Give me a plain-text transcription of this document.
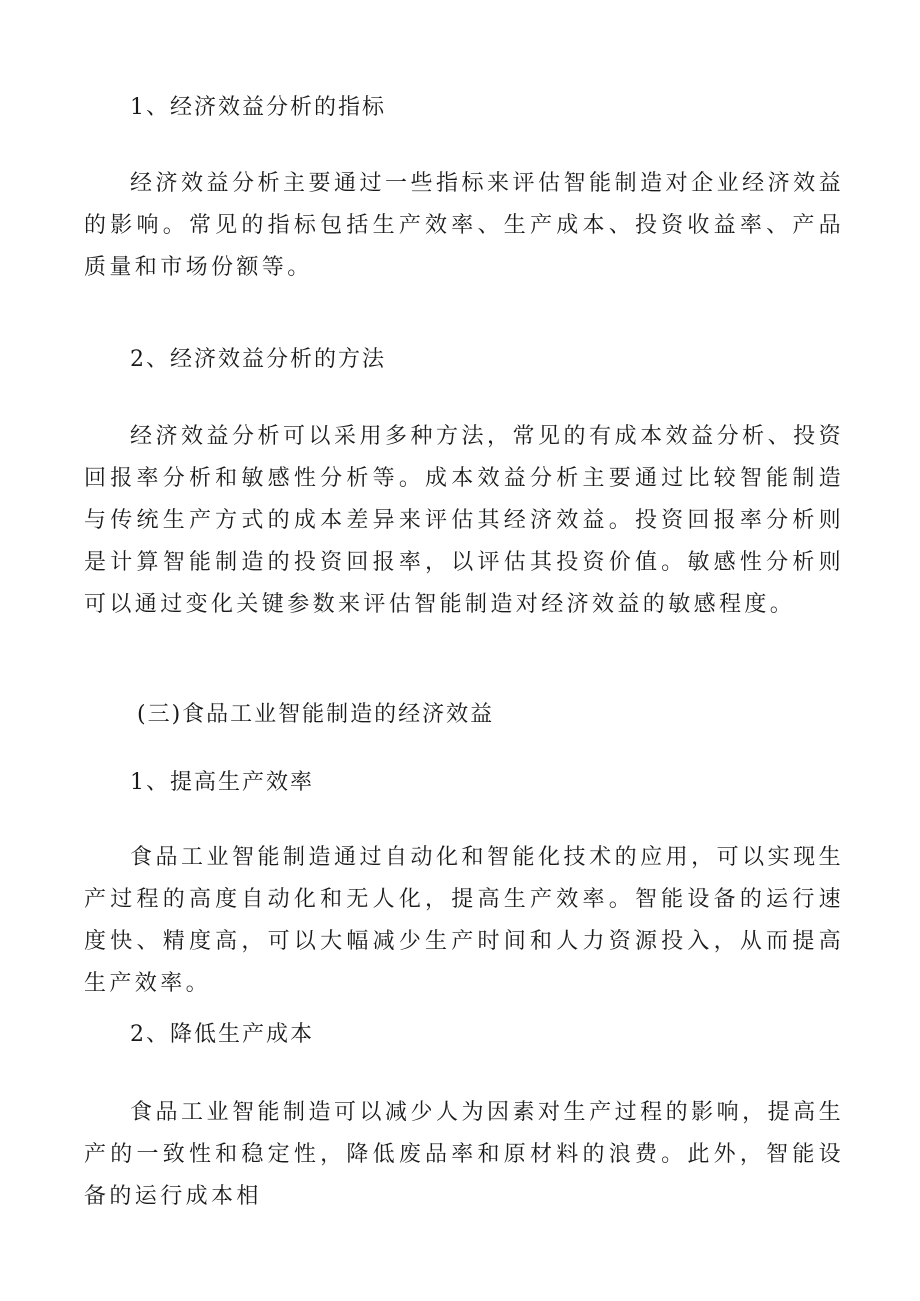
1、经济效益分析的指标

经济效益分析主要通过一些指标来评估智能制造对企业经济效益的影响。常见的指标包括生产效率、生产成本、投资收益率、产品质量和市场份额等。

2、经济效益分析的方法

经济效益分析可以采用多种方法，常见的有成本效益分析、投资回报率分析和敏感性分析等。成本效益分析主要通过比较智能制造与传统生产方式的成本差异来评估其经济效益。投资回报率分析则是计算智能制造的投资回报率，以评估其投资价值。敏感性分析则可以通过变化关键参数来评估智能制造对经济效益的敏感程度。

(三)食品工业智能制造的经济效益
1、提高生产效率

食品工业智能制造通过自动化和智能化技术的应用，可以实现生产过程的高度自动化和无人化，提高生产效率。智能设备的运行速度快、精度高，可以大幅减少生产时间和人力资源投入，从而提高生产效率。

2、降低生产成本

食品工业智能制造可以减少人为因素对生产过程的影响，提高生产的一致性和稳定性，降低废品率和原材料的浪费。此外，智能设备的运行成本相
